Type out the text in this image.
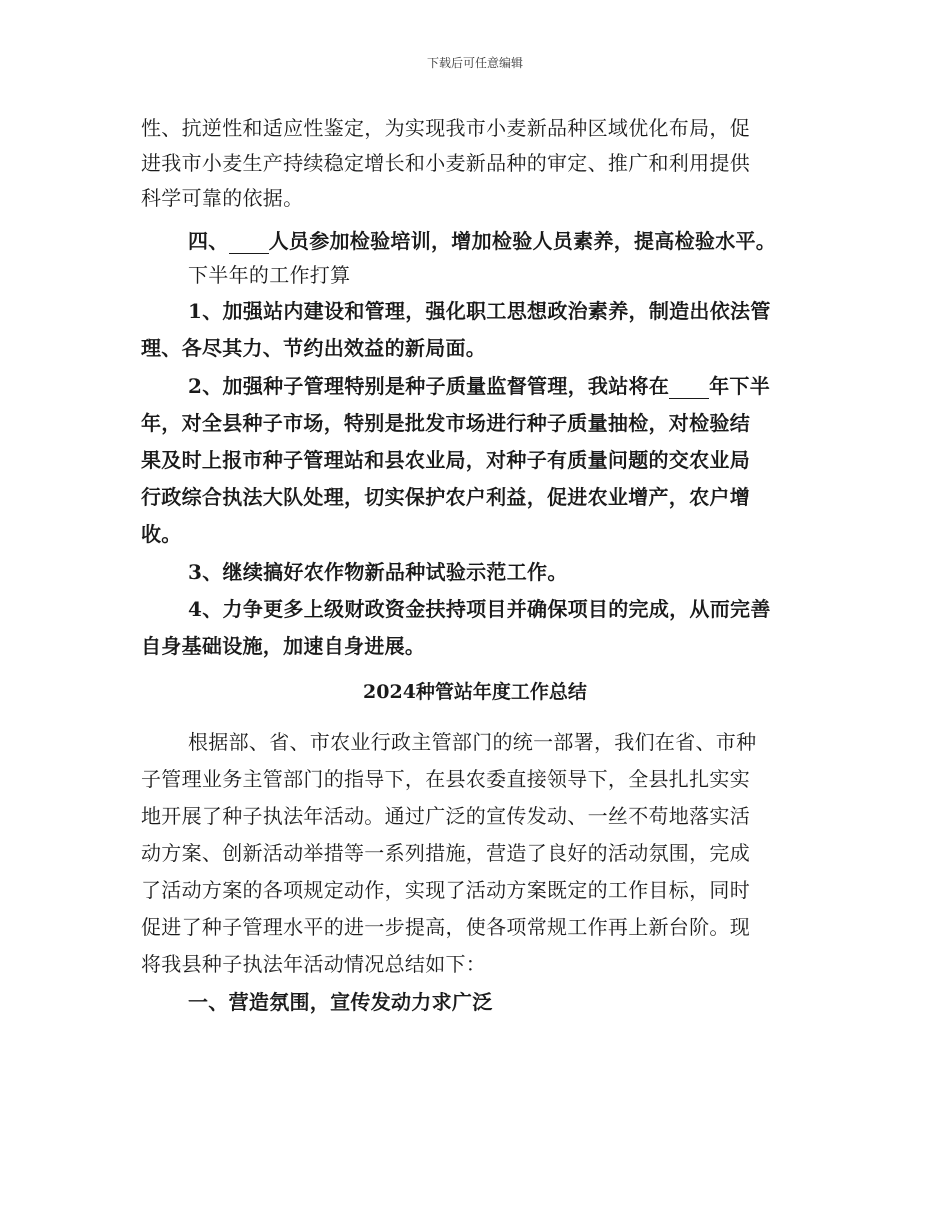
下载后可任意编辑
性、抗逆性和适应性鉴定，为实现我市小麦新品种区域优化布局，促
进我市小麦生产持续稳定增长和小麦新品种的审定、推广和利用提供
科学可靠的依据。
四、 人员参加检验培训，增加检验人员素养，提高检验水平。
下半年的工作打算
1、加强站内建设和管理，强化职工思想政治素养，制造出依法管
理、各尽其力、节约出效益的新局面。
2、加强种子管理特别是种子质量监督管理，我站将在 年下半
年，对全县种子市场，特别是批发市场进行种子质量抽检，对检验结
果及时上报市种子管理站和县农业局，对种子有质量问题的交农业局
行政综合执法大队处理，切实保护农户利益，促进农业增产，农户增
收。
3、继续搞好农作物新品种试验示范工作。
4、力争更多上级财政资金扶持项目并确保项目的完成，从而完善
自身基础设施，加速自身进展。
2024种管站年度工作总结
根据部、省、市农业行政主管部门的统一部署，我们在省、市种
子管理业务主管部门的指导下，在县农委直接领导下，全县扎扎实实
地开展了种子执法年活动。通过广泛的宣传发动、一丝不苟地落实活
动方案、创新活动举措等一系列措施，营造了良好的活动氛围，完成
了活动方案的各项规定动作，实现了活动方案既定的工作目标，同时
促进了种子管理水平的进一步提高，使各项常规工作再上新台阶。现
将我县种子执法年活动情况总结如下：
一、营造氛围，宣传发动力求广泛
